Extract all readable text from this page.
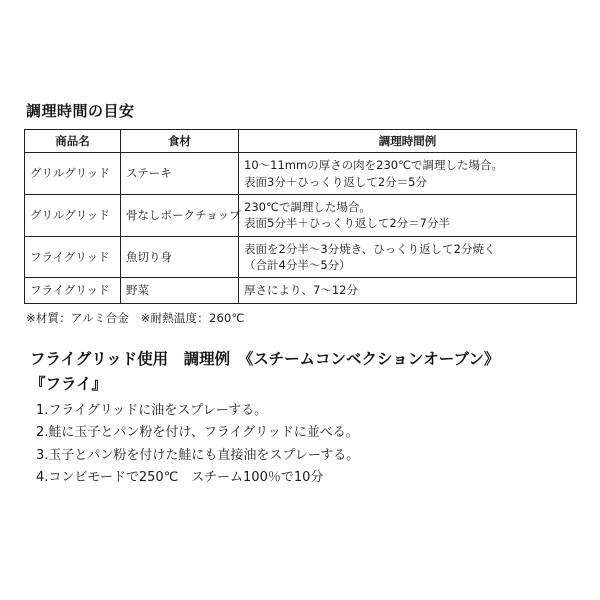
調理時間の目安
商品名	食材	調理時間例
グリルグリッド	ステーキ	10〜11mmの厚さの肉を230℃で調理した場合。
表面3分＋ひっくり返して2分＝5分

グリルグリッド	骨なしポークチョップ	230℃で調理した場合。
表面5分半＋ひっくり返して2分＝7分半

フライグリッド	魚切り身	表面を2分半〜3分焼き、ひっくり返して2分焼く
（合計4分半〜5分）

フライグリッド	野菜	厚さにより、7〜12分

※材質：アルミ合金　※耐熱温度：260℃

フライグリッド使用　調理例　《スチームコンベクションオーブン》
『フライ』
1.フライグリッドに油をスプレーする。
2.鮭に玉子とパン粉を付け、フライグリッドに並べる。
3.玉子とパン粉を付けた鮭にも直接油をスプレーする。
4.コンビモードで250℃　スチーム100％で10分
